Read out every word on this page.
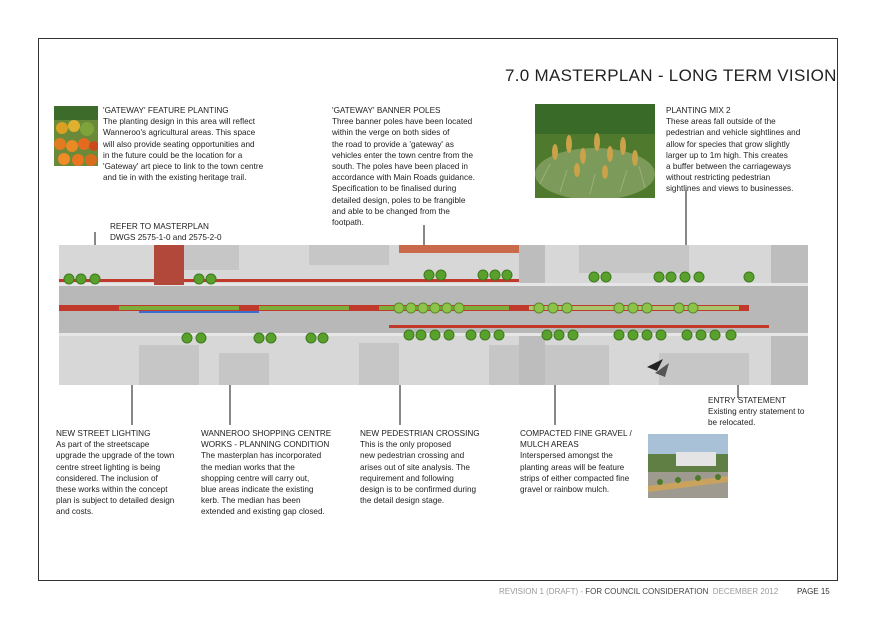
7.0 MASTERPLAN - LONG TERM VISION
'GATEWAY' FEATURE PLANTING
The planting design in this area will reflect
Wanneroo's agricultural areas. This space
will also provide seating opportunities and
in the future could be the location for a
'Gateway' art piece to link to the town centre
and tie in with the existing heritage trail.
'GATEWAY' BANNER POLES
Three banner poles have been located
within the verge on both sides of
the road to provide a 'gateway' as
vehicles enter the town centre from the
south. The poles have been placed in
accordance with Main Roads guidance.
Specification to be finalised during
detailed design, poles to be frangible
and able to be changed from the
footpath.
PLANTING MIX 2
These areas fall outside of the
pedestrian and vehicle sightlines and
allow for species that grow slightly
larger up to 1m high. This creates
a buffer between the carriageways
without restricting pedestrian
sightlines and views to businesses.
REFER TO MASTERPLAN
DWGS 2575-1-0 and 2575-2-0
NEW STREET LIGHTING
As part of the streetscape
upgrade the upgrade of the town
centre street lighting is being
considered. The inclusion of
these works within the concept
plan is subject to detailed design
and costs.
WANNEROO SHOPPING CENTRE
WORKS - PLANNING CONDITION
The masterplan has incorporated
the median works that the
shopping centre will carry out,
blue areas indicate the existing
kerb. The median has been
extended and existing gap closed.
NEW PEDESTRIAN CROSSING
This is the only proposed
new pedestrian crossing and
arises out of site analysis. The
requirement and following
design is to be confirmed during
the detail design stage.
COMPACTED FINE GRAVEL /
MULCH AREAS
Interspersed amongst the
planting areas will be feature
strips of either compacted fine
gravel or rainbow mulch.
ENTRY STATEMENT
Existing entry statement to
be relocated.
REVISION 1 (DRAFT) - FOR COUNCIL CONSIDERATION  DECEMBER 2012 PAGE 15
